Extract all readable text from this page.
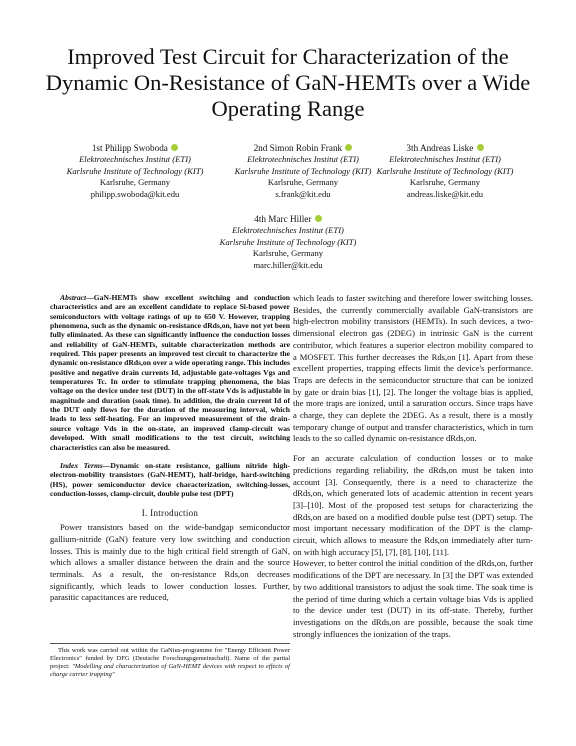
Improved Test Circuit for Characterization of the Dynamic On-Resistance of GaN-HEMTs over a Wide Operating Range
1st Philipp Swoboda
Elektrotechnisches Institut (ETI)
Karlsruhe Institute of Technology (KIT)
Karlsruhe, Germany
philipp.swoboda@kit.edu
2nd Simon Robin Frank
Elektrotechnisches Institut (ETI)
Karlsruhe Institute of Technology (KIT)
Karlsruhe, Germany
s.frank@kit.edu
3th Andreas Liske
Elektrotechnisches Institut (ETI)
Karlsruhe Institute of Technology (KIT)
Karlsruhe, Germany
andreas.liske@kit.edu
4th Marc Hiller
Elektrotechnisches Institut (ETI)
Karlsruhe Institute of Technology (KIT)
Karlsruhe, Germany
marc.hiller@kit.edu

Abstract—GaN-HEMTs show excellent switching and conduction characteristics and are an excellent candidate to replace Si-based power semiconductors with voltage ratings of up to 650 V. However, trapping phenomena, such as the dynamic on-resistance dRds,on, have not yet been fully eliminated. As these can significantly influence the conduction losses and reliability of GaN-HEMTs, suitable characterization methods are required. This paper presents an improved test circuit to characterize the dynamic on-resistance dRds,on over a wide operating range. This includes positive and negative drain currents Id, adjustable gate-voltages Vgs and temperatures Tc. In order to stimulate trapping phenomena, the bias voltage on the device under test (DUT) in the off-state Vds is adjustable in magnitude and duration (soak time). In addition, the drain current Id of the DUT only flows for the duration of the measuring interval, which leads to less self-heating. For an improved measurement of the drain-source voltage Vds in the on-state, an improved clamp-circuit was developed. With small modifications to the test circuit, switching characteristics can also be measured.

Index Terms—Dynamic on-state resistance, gallium nitride high-electron-mobility transistors (GaN-HEMT), half-bridge, hard-switching (HS), power semiconductor device characterization, switching-losses, conduction-losses, clamp-circuit, double pulse test (DPT)

I. Introduction

Power transistors based on the wide-bandgap semiconductor gallium-nitride (GaN) feature very low switching and conduction losses. This is mainly due to the high critical field strength of GaN, which allows a smaller distance between the drain and the source terminals. As a result, the on-resistance Rds,on decreases significantly, which leads to lower conduction losses. Further, parasitic capacitances are reduced,

This work was carried out within the GaNius-programme for "Energy Efficient Power Electronics" funded by DFG (Deutsche Forschungsgemeinschaft). Name of the partial project: "Modelling and characterization of GaN-HEMT devices with respect to effects of charge carrier trapping"

which leads to faster switching and therefore lower switching losses. Besides, the currently commercially available GaN-transistors are high-electron mobility transistors (HEMTs). In such devices, a two-dimensional electron gas (2DEG) in intrinsic GaN is the current contributor, which features a superior electron mobility compared to a MOSFET. This further decreases the Rds,on [1]. Apart from these excellent properties, trapping effects limit the device's performance. Traps are defects in the semiconductor structure that can be ionized by gate or drain bias [1], [2]. The longer the voltage bias is applied, the more traps are ionized, until a saturation occurs. Since traps have a charge, they can deplete the 2DEG. As a result, there is a mostly temporary change of output and transfer characteristics, which in turn leads to the so called dynamic on-resistance dRds,on.

For an accurate calculation of conduction losses or to make predictions regarding reliability, the dRds,on must be taken into account [3]. Consequently, there is a need to characterize the dRds,on, which generated lots of academic attention in recent years [3]–[10]. Most of the proposed test setups for characterizing the dRds,on are based on a modified double pulse test (DPT) setup. The most important necessary modification of the DPT is the clamp-circuit, which allows to measure the Rds,on immediately after turn-on with high accuracy [5], [7], [8], [10], [11].

However, to better control the initial condition of the dRds,on, further modifications of the DPT are necessary. In [3] the DPT was extended by two additional transistors to adjust the soak time. The soak time is the period of time during which a certain voltage bias Vds is applied to the device under test (DUT) in its off-state. Thereby, further investigations on the dRds,on are possible, because the soak time strongly influences the ionization of the traps.
